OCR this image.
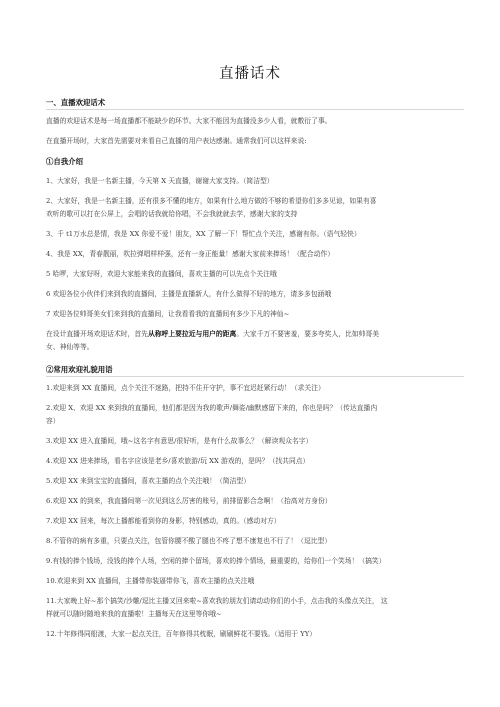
直播话术
一、直播欢迎话术
直播的欢迎话术是每一场直播都不能缺少的环节。大家不能因为直播没多少人看，就敷衍了事。
在直播开场时，大家首先需要对来看自己直播的用户表达感谢。通常我们可以这样来说:
①自我介绍
1、大家好，我是一名新主播，今天第 X 天直播，谢谢大家支持。（简洁型）
2、大家好，我是一名新主播，还有很多不懂的地方，如果有什么地方做的不够的希望你们多多见谅，如果有喜
欢听的歌可以打在公屏上，会唱的话我就给你唱，不会我就就去学，感谢大家的支持
3、千 t1万水总是情，我是 XX 你爱不爱！朋友，XX 了解一下！帮忙点个关注，感谢有你。（语气轻快）
4、我是 XX，青春靓丽，吹拉弹唱样样强，还有一身正能量！感谢大家前来捧场！（配合动作）
5 哈啰，大家好呀，欢迎大家能来我的直播间，喜欢主播的可以先点个关注哦
6 欢迎各位小伙伴们来到我的直播间，主播是直播新人，有什么做得不好的地方，请多多包涵哦
7 欢迎各位帅哥美女们来到我的直播间，让我看看我的直播间有多少下凡的神仙~
在设计直播开场欢迎话术时，首先从称呼上要拉近与用户的距离。大家千万不要害羞，要多夸奖人，比如帅哥美
女、神仙等等。
②常用欢迎礼貌用语
1.欢迎来到 XX 直播间，点个关注不迷路，把持不住开守护，事不宜迟赶紧行动！（求关注）
2.欢迎 X、欢迎 XX 来到我的直播间，他们都是因为我的歌声/舞姿/幽默感留下来的，你也是吗？（传达直播内
容）
3.欢迎 XX 进入直播间，哦~这名字有意思/很好听，是有什么故事么？（解读观众名字）
4.欢迎 XX 进来捧场，看名字应该是老乡/喜欢旅游/玩 XX 游戏的，是吗？（找共同点）
5.欢迎 XX 来到宝宝的直播间，喜欢主播的点个关注哦！（简洁型）
6.欢迎 XX 的到来，我直播间第一次见到这么厉害的账号，前排留影合念啊！（抬高对方身份）
7.欢迎 XX 回来，每次上播都能看到你的身影，特别感动，真的。（感动对方）
8.不管你的病有多重，只要点关注，包管你腰不酸了腿也不疼了想不康复也不行了！（逗比型）
9.有钱的捧个钱场，没钱的捧个人场，空闲的捧个留场，喜欢的捧个情场，最重要的，给你们一个笑场！（搞笑）
10.欢迎来到 XX 直播间，主播带你装逼带你飞，喜欢主播的点关注哦
11.大家晚上好~那个搞笑/沙雕/逗比主播又回来啦~喜欢我的朋友们请动动你们的小手，点击我的头像点关注， 这
样就可以随时随地来我的直播啦！主播每天在这里等你哦~
12.十年修得同船渡，大家一起点关注，百年修得共枕眠，刷刷鲜花不要钱。（适用于 YY）
